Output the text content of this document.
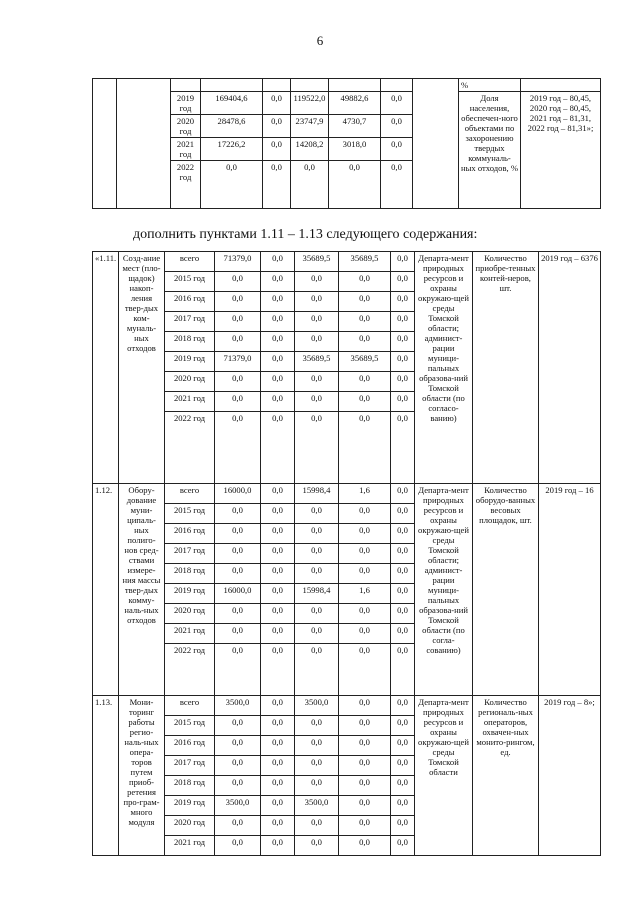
6
									%	
		2019 год	169404,6	0,0	119522,0	49882,6	0,0		Доля населения, обеспечен-ного объектами по захоронению твердых коммуналь-ных отходов, %	2019 год – 80,45, 2020 год – 80,45, 2021 год – 81,31, 2022 год – 81,31»;
		2020 год	28478,6	0,0	23747,9	4730,7	0,0			
		2021 год	17226,2	0,0	14208,2	3018,0	0,0			
		2022 год	0,0	0,0	0,0	0,0	0,0			
дополнить пунктами 1.11 – 1.13 следующего содержания:
«1.11.	Созд-ание мест (пло-щадок) накоп-ления твер-дых ком-муналь-ных отходов	всего	71379,0	0,0	35689,5	35689,5	0,0	Департа-мент природных ресурсов и охраны окружаю-щей среды Томской области; админист-рации муници-пальных образова-ний Томской области (по согласо-ванию)	Количество приобре-тенных контей-неров, шт.	2019 год – 6376
		2015 год	0,0	0,0	0,0	0,0	0,0			
		2016 год	0,0	0,0	0,0	0,0	0,0			
		2017 год	0,0	0,0	0,0	0,0	0,0			
		2018 год	0,0	0,0	0,0	0,0	0,0			
		2019 год	71379,0	0,0	35689,5	35689,5	0,0			
		2020 год	0,0	0,0	0,0	0,0	0,0			
		2021 год	0,0	0,0	0,0	0,0	0,0			
		2022 год	0,0	0,0	0,0	0,0	0,0			
1.12.	Обору-дование муни-ципаль-ных полиго-нов сред-ствами измере-ния массы твер-дых комму-наль-ных отходов	всего	16000,0	0,0	15998,4	1,6	0,0	Департа-мент природных ресурсов и охраны окружаю-щей среды Томской области; админист-рации муници-пальных образова-ний Томской области (по согла-сованию)	Количество оборудо-ванных весовых площадок, шт.	2019 год – 16
		2015 год	0,0	0,0	0,0	0,0	0,0			
		2016 год	0,0	0,0	0,0	0,0	0,0			
		2017 год	0,0	0,0	0,0	0,0	0,0			
		2018 год	0,0	0,0	0,0	0,0	0,0			
		2019 год	16000,0	0,0	15998,4	1,6	0,0			
		2020 год	0,0	0,0	0,0	0,0	0,0			
		2021 год	0,0	0,0	0,0	0,0	0,0			
		2022 год	0,0	0,0	0,0	0,0	0,0			
1.13.	Мони-торинг работы регио-наль-ных опера-торов путем приоб-ретения про-грам-много модуля	всего	3500,0	0,0	3500,0	0,0	0,0	Департа-мент природных ресурсов и охраны окружаю-щей среды Томской области	Количество региональ-ных операторов, охвачен-ных монито-рингом, ед.	2019 год – 8»;
		2015 год	0,0	0,0	0,0	0,0	0,0			
		2016 год	0,0	0,0	0,0	0,0	0,0			
		2017 год	0,0	0,0	0,0	0,0	0,0			
		2018 год	0,0	0,0	0,0	0,0	0,0			
		2019 год	3500,0	0,0	3500,0	0,0	0,0			
		2020 год	0,0	0,0	0,0	0,0	0,0			
		2021 год	0,0	0,0	0,0	0,0	0,0			
